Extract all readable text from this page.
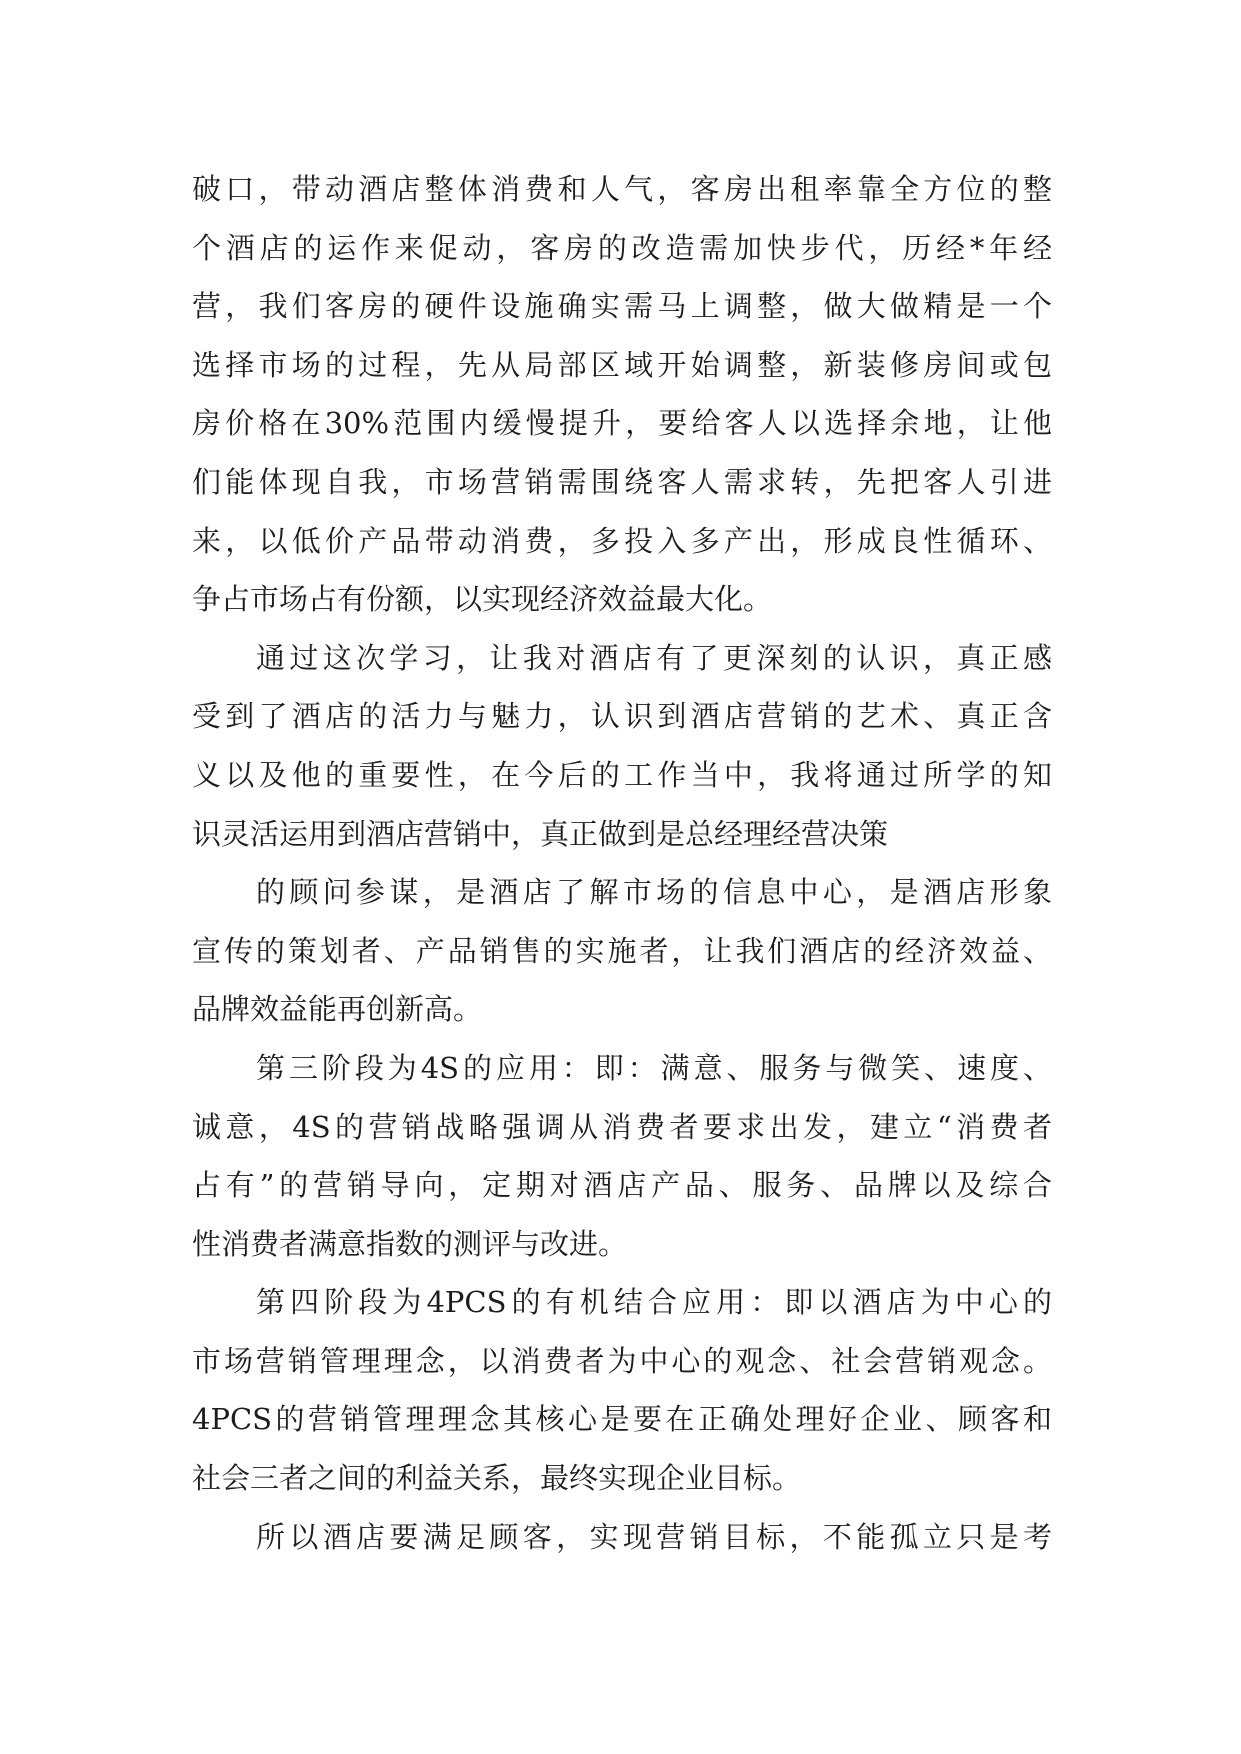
破口，带动酒店整体消费和人气，客房出租率靠全方位的整
个酒店的运作来促动，客房的改造需加快步代，历经*年经
营，我们客房的硬件设施确实需马上调整，做大做精是一个
选择市场的过程，先从局部区域开始调整，新装修房间或包
房价格在30%范围内缓慢提升，要给客人以选择余地，让他
们能体现自我，市场营销需围绕客人需求转，先把客人引进
来，以低价产品带动消费，多投入多产出，形成良性循环、
争占市场占有份额，以实现经济效益最大化。
通过这次学习，让我对酒店有了更深刻的认识，真正感
受到了酒店的活力与魅力，认识到酒店营销的艺术、真正含
义以及他的重要性，在今后的工作当中，我将通过所学的知
识灵活运用到酒店营销中，真正做到是总经理经营决策
的顾问参谋，是酒店了解市场的信息中心，是酒店形象
宣传的策划者、产品销售的实施者，让我们酒店的经济效益、
品牌效益能再创新高。
第三阶段为4S的应用：即：满意、服务与微笑、速度、
诚意，4S的营销战略强调从消费者要求出发，建立“消费者
占有”的营销导向，定期对酒店产品、服务、品牌以及综合
性消费者满意指数的测评与改进。
第四阶段为4PCS的有机结合应用：即以酒店为中心的
市场营销管理理念，以消费者为中心的观念、社会营销观念。
4PCS的营销管理理念其核心是要在正确处理好企业、顾客和
社会三者之间的利益关系，最终实现企业目标。
所以酒店要满足顾客，实现营销目标，不能孤立只是考
